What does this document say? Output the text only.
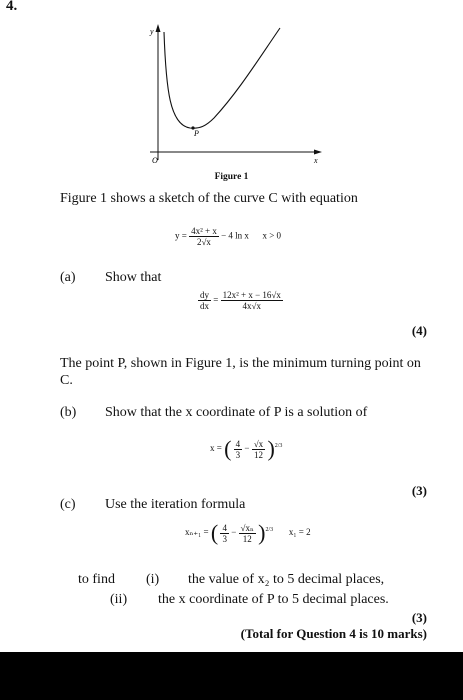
4.
y
x
O
P
Figure 1
Figure 1 shows a sketch of the curve C with equation
$y = \frac{\text{4x² + x}}{2√x} - 4$ ln x x > 0
(a) Show that
$\frac{dy}{dx} = \frac{\text{12x² + x − 16√x}}{4x√x}$
(4)
The point P, shown in Figure 1, is the minimum turning point on C.
(b) Show that the x coordinate of P is a solution of
x = ( $\frac{4}{3} - \frac{√x}{12} )^{2/3}$
(3)
(c) Use the iteration formula
xₙ₊₁ = ( $\frac{4}{3} - \frac{\text{√xₙ}}{12} )^{2/3}$ x₁ = 2
to find (i) the value of x₂ to 5 decimal places,
(ii) the x coordinate of P to 5 decimal places.
(3)
(Total for Question 4 is 10 marks)
